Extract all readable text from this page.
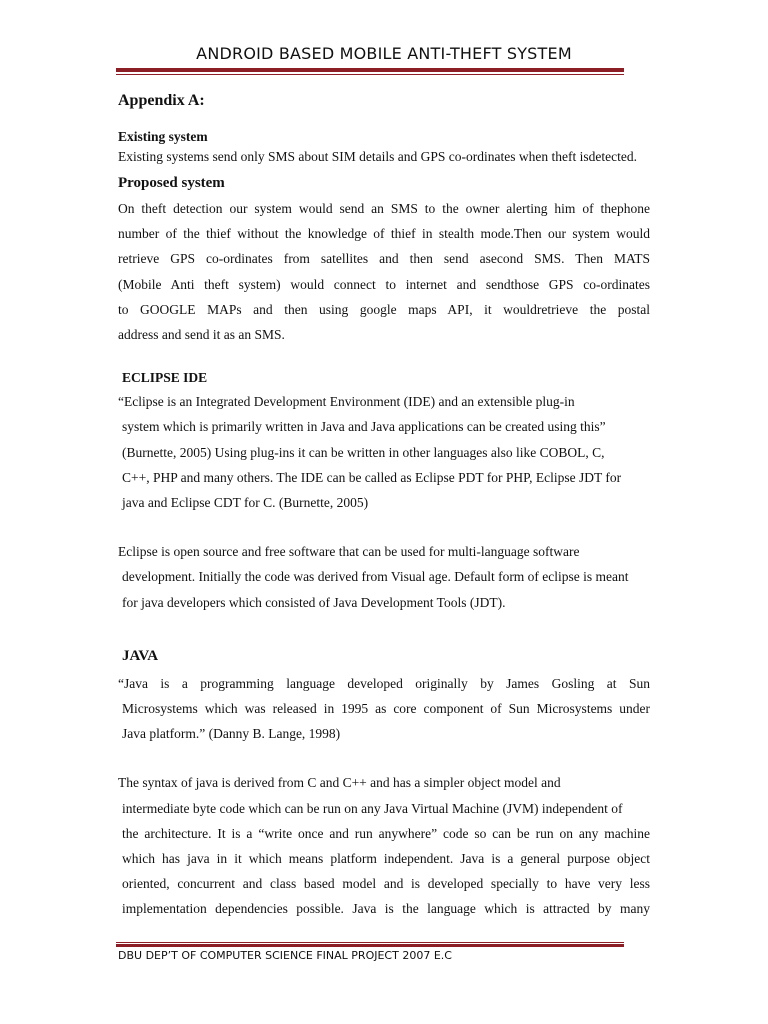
ANDROID BASED MOBILE ANTI-THEFT SYSTEM
Appendix A:
Existing system
Existing systems send only SMS about SIM details and GPS co-ordinates when theft isdetected.
Proposed system
On theft detection our system would send an SMS to the owner alerting him of thephone
number of the thief without the knowledge of thief in stealth mode.Then our system would
retrieve GPS co-ordinates from satellites and then send asecond SMS. Then MATS
(Mobile Anti theft system) would connect to internet and sendthose GPS co-ordinates
to GOOGLE MAPs and then using google maps API, it wouldretrieve the postal
address and send it as an SMS.
ECLIPSE IDE
“Eclipse is an Integrated Development Environment (IDE) and an extensible plug-in
system which is primarily written in Java and Java applications can be created using this”
(Burnette, 2005) Using plug-ins it can be written in other languages also like COBOL, C,
C++, PHP and many others. The IDE can be called as Eclipse PDT for PHP, Eclipse JDT for
java and Eclipse CDT for C. (Burnette, 2005)
Eclipse is open source and free software that can be used for multi-language software
development. Initially the code was derived from Visual age. Default form of eclipse is meant
for java developers which consisted of Java Development Tools (JDT).
JAVA
“Java is a programming language developed originally by James Gosling at Sun
Microsystems which was released in 1995 as core component of Sun Microsystems under
Java platform.” (Danny B. Lange, 1998)
The syntax of java is derived from C and C++ and has a simpler object model and
intermediate byte code which can be run on any Java Virtual Machine (JVM) independent of
the architecture. It is a “write once and run anywhere” code so can be run on any machine
which has java in it which means platform independent. Java is a general purpose object
oriented, concurrent and class based model and is developed specially to have very less
implementation dependencies possible. Java is the language which is attracted by many
DBU DEP’T OF COMPUTER SCIENCE FINAL PROJECT 2007 E.C
